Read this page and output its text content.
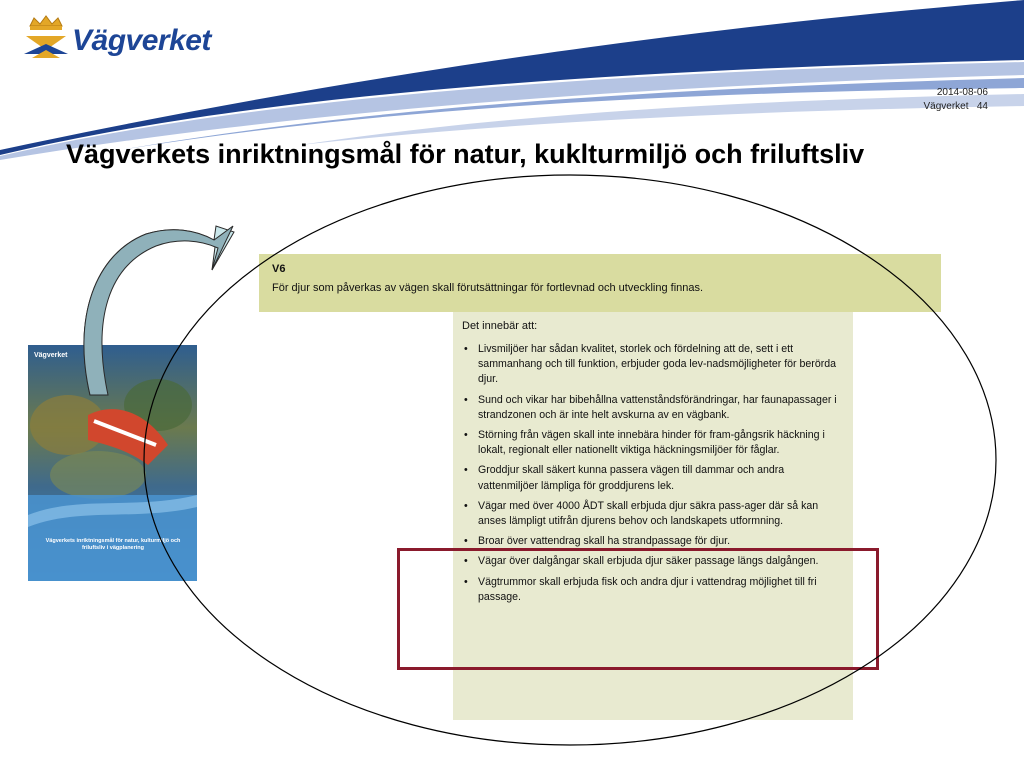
Vägverket
2014-08-06
Vägverket 44
Vägverkets inriktningsmål för natur, kuklturmiljö och friluftsliv
Vägverket
Vägverkets inriktningsmål för natur, kulturmiljö och friluftsliv i vägplanering
V6
För djur som påverkas av vägen skall förutsättningar för fortlevnad och utveckling finnas.
Det innebär att:
• Livsmiljöer har sådan kvalitet, storlek och fördelning att de, sett i ett sammanhang och till funktion, erbjuder goda lev-nadsmöjligheter för berörda djur.
• Sund och vikar har bibehållna vattenståndsförändringar, har faunapassager i strandzonen och är inte helt avskurna av en vägbank.
• Störning från vägen skall inte innebära hinder för fram-gångsrik häckning i lokalt, regionalt eller nationellt viktiga häckningsmiljöer för fåglar.
• Groddjur skall säkert kunna passera vägen till dammar och andra vattenmiljöer lämpliga för groddjurens lek.
• Vägar med över 4000 ÅDT skall erbjuda djur säkra pass-ager där så kan anses lämpligt utifrån djurens behov och landskapets utformning.
• Broar över vattendrag skall ha strandpassage för djur.
• Vägar över dalgångar skall erbjuda djur säker passage längs dalgången.
• Vägtrummor skall erbjuda fisk och andra djur i vattendrag möjlighet till fri passage.
